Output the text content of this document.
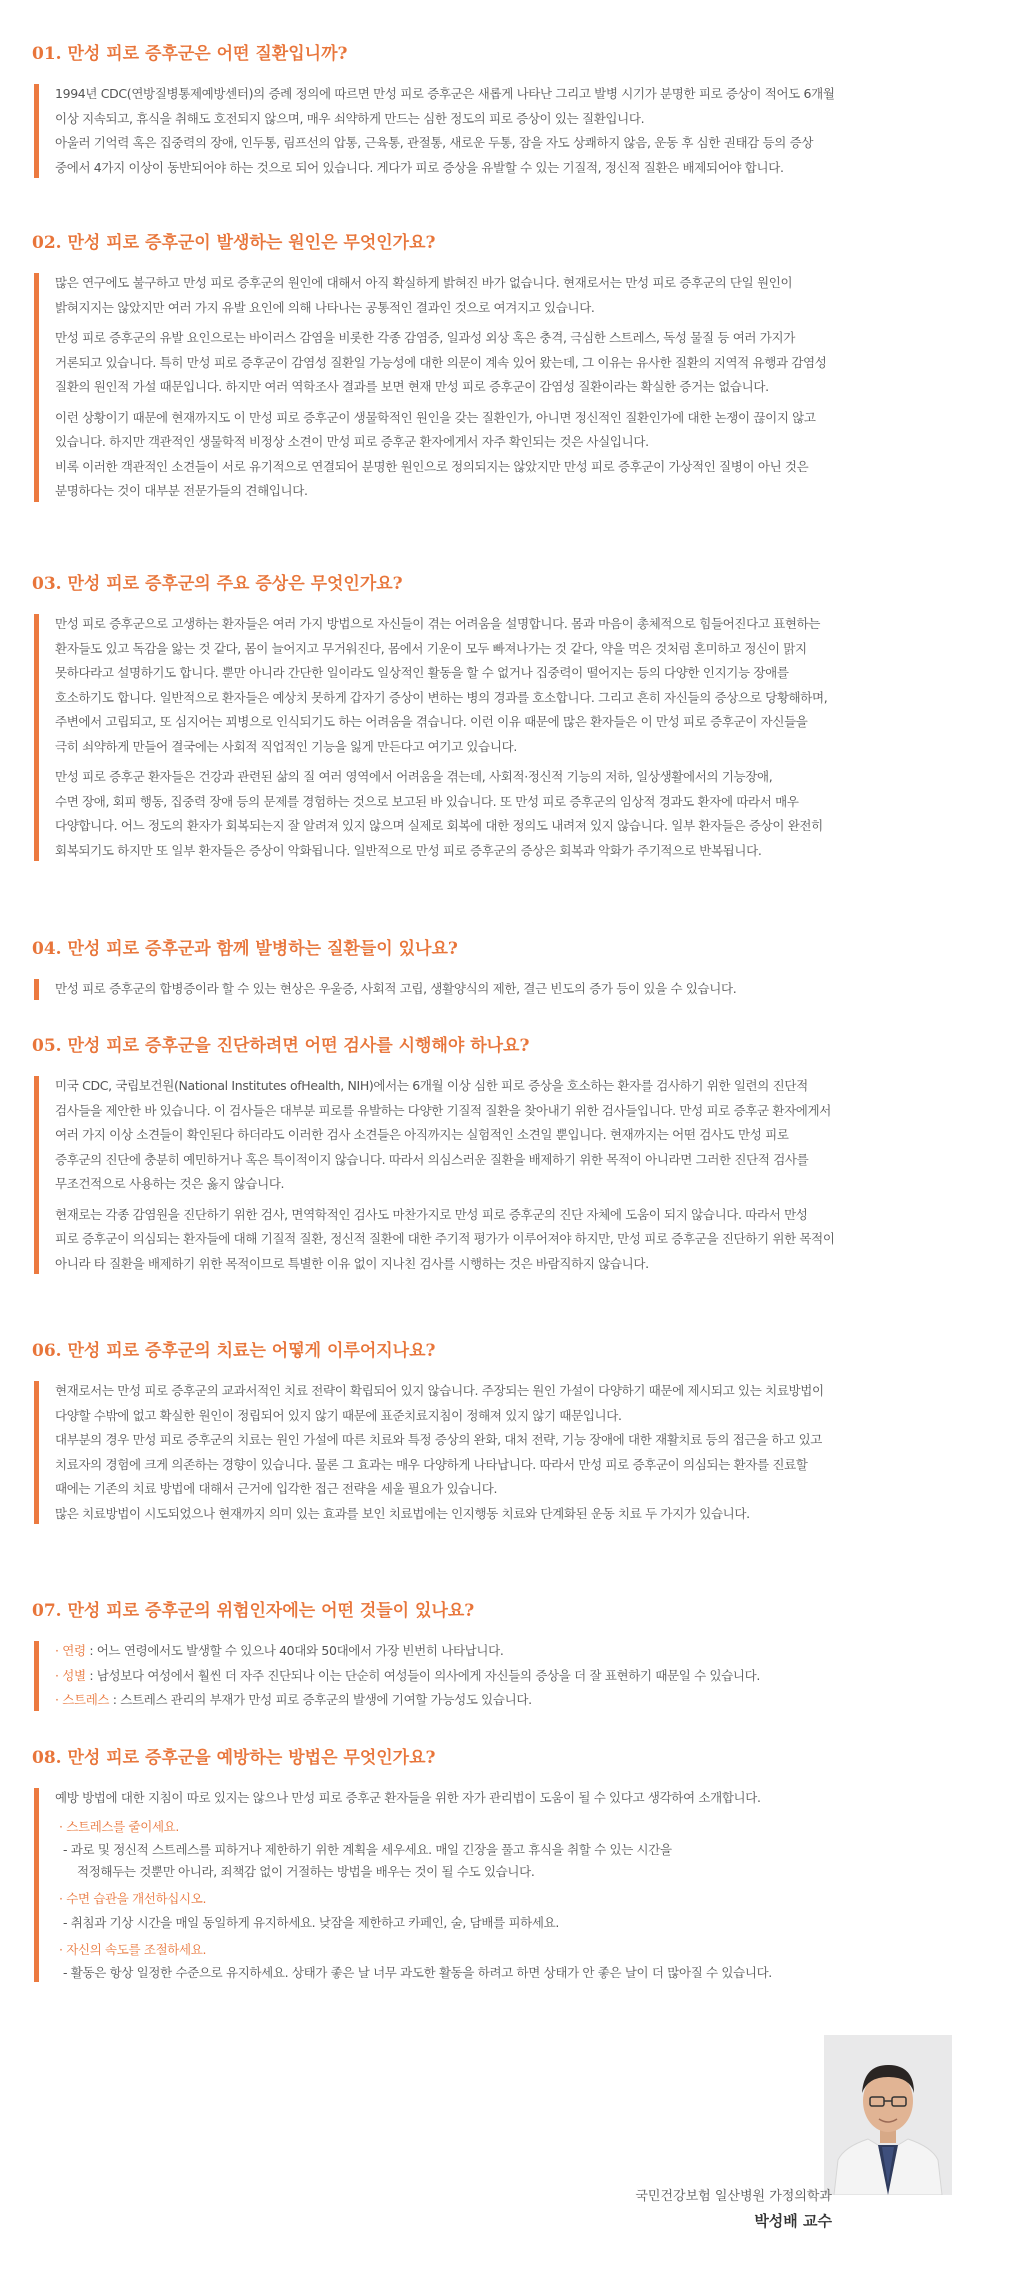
01. 만성 피로 증후군은 어떤 질환입니까?

1994년 CDC(연방질병통제예방센터)의 증례 정의에 따르면 만성 피로 증후군은 새롭게 나타난 그리고 발병 시기가 분명한 피로 증상이 적어도 6개월
이상 지속되고, 휴식을 취해도 호전되지 않으며, 매우 쇠약하게 만드는 심한 정도의 피로 증상이 있는 질환입니다.
아울러 기억력 혹은 집중력의 장애, 인두통, 림프선의 압통, 근육통, 관절통, 새로운 두통, 잠을 자도 상쾌하지 않음, 운동 후 심한 권태감 등의 증상
중에서 4가지 이상이 동반되어야 하는 것으로 되어 있습니다. 게다가 피로 증상을 유발할 수 있는 기질적, 정신적 질환은 배제되어야 합니다.

02. 만성 피로 증후군이 발생하는 원인은 무엇인가요?

많은 연구에도 불구하고 만성 피로 증후군의 원인에 대해서 아직 확실하게 밝혀진 바가 없습니다. 현재로서는 만성 피로 증후군의 단일 원인이
밝혀지지는 않았지만 여러 가지 유발 요인에 의해 나타나는 공통적인 결과인 것으로 여겨지고 있습니다.

만성 피로 증후군의 유발 요인으로는 바이러스 감염을 비롯한 각종 감염증, 일과성 외상 혹은 충격, 극심한 스트레스, 독성 물질 등 여러 가지가
거론되고 있습니다. 특히 만성 피로 증후군이 감염성 질환일 가능성에 대한 의문이 계속 있어 왔는데, 그 이유는 유사한 질환의 지역적 유행과 감염성
질환의 원인적 가설 때문입니다. 하지만 여러 역학조사 결과를 보면 현재 만성 피로 증후군이 감염성 질환이라는 확실한 증거는 없습니다.

이런 상황이기 때문에 현재까지도 이 만성 피로 증후군이 생물학적인 원인을 갖는 질환인가, 아니면 정신적인 질환인가에 대한 논쟁이 끊이지 않고
있습니다. 하지만 객관적인 생물학적 비정상 소견이 만성 피로 증후군 환자에게서 자주 확인되는 것은 사실입니다.
비록 이러한 객관적인 소견들이 서로 유기적으로 연결되어 분명한 원인으로 정의되지는 않았지만 만성 피로 증후군이 가상적인 질병이 아닌 것은
분명하다는 것이 대부분 전문가들의 견해입니다.

03. 만성 피로 증후군의 주요 증상은 무엇인가요?

만성 피로 증후군으로 고생하는 환자들은 여러 가지 방법으로 자신들이 겪는 어려움을 설명합니다. 몸과 마음이 총체적으로 힘들어진다고 표현하는
환자들도 있고 독감을 앓는 것 같다, 몸이 늘어지고 무거워진다, 몸에서 기운이 모두 빠져나가는 것 같다, 약을 먹은 것처럼 혼미하고 정신이 맑지
못하다라고 설명하기도 합니다. 뿐만 아니라 간단한 일이라도 일상적인 활동을 할 수 없거나 집중력이 떨어지는 등의 다양한 인지기능 장애를
호소하기도 합니다. 일반적으로 환자들은 예상치 못하게 갑자기 증상이 변하는 병의 경과를 호소합니다. 그리고 흔히 자신들의 증상으로 당황해하며,
주변에서 고립되고, 또 심지어는 꾀병으로 인식되기도 하는 어려움을 겪습니다. 이런 이유 때문에 많은 환자들은 이 만성 피로 증후군이 자신들을
극히 쇠약하게 만들어 결국에는 사회적 직업적인 기능을 잃게 만든다고 여기고 있습니다.

만성 피로 증후군 환자들은 건강과 관련된 삶의 질 여러 영역에서 어려움을 겪는데, 사회적·정신적 기능의 저하, 일상생활에서의 기능장애,
수면 장애, 회피 행동, 집중력 장애 등의 문제를 경험하는 것으로 보고된 바 있습니다. 또 만성 피로 증후군의 임상적 경과도 환자에 따라서 매우
다양합니다. 어느 정도의 환자가 회복되는지 잘 알려져 있지 않으며 실제로 회복에 대한 정의도 내려져 있지 않습니다. 일부 환자들은 증상이 완전히
회복되기도 하지만 또 일부 환자들은 증상이 악화됩니다. 일반적으로 만성 피로 증후군의 증상은 회복과 악화가 주기적으로 반복됩니다.

04. 만성 피로 증후군과 함께 발병하는 질환들이 있나요?

만성 피로 증후군의 합병증이라 할 수 있는 현상은 우울증, 사회적 고립, 생활양식의 제한, 결근 빈도의 증가 등이 있을 수 있습니다.

05. 만성 피로 증후군을 진단하려면 어떤 검사를 시행해야 하나요?

미국 CDC, 국립보건원(National Institutes ofHealth, NIH)에서는 6개월 이상 심한 피로 증상을 호소하는 환자를 검사하기 위한 일련의 진단적
검사들을 제안한 바 있습니다. 이 검사들은 대부분 피로를 유발하는 다양한 기질적 질환을 찾아내기 위한 검사들입니다. 만성 피로 증후군 환자에게서
여러 가지 이상 소견들이 확인된다 하더라도 이러한 검사 소견들은 아직까지는 실험적인 소견일 뿐입니다. 현재까지는 어떤 검사도 만성 피로
증후군의 진단에 충분히 예민하거나 혹은 특이적이지 않습니다. 따라서 의심스러운 질환을 배제하기 위한 목적이 아니라면 그러한 진단적 검사를
무조건적으로 사용하는 것은 옳지 않습니다.

현재로는 각종 감염원을 진단하기 위한 검사, 면역학적인 검사도 마찬가지로 만성 피로 증후군의 진단 자체에 도움이 되지 않습니다. 따라서 만성
피로 증후군이 의심되는 환자들에 대해 기질적 질환, 정신적 질환에 대한 주기적 평가가 이루어져야 하지만, 만성 피로 증후군을 진단하기 위한 목적이
아니라 타 질환을 배제하기 위한 목적이므로 특별한 이유 없이 지나친 검사를 시행하는 것은 바람직하지 않습니다.

06. 만성 피로 증후군의 치료는 어떻게 이루어지나요?

현재로서는 만성 피로 증후군의 교과서적인 치료 전략이 확립되어 있지 않습니다. 주장되는 원인 가설이 다양하기 때문에 제시되고 있는 치료방법이
다양할 수밖에 없고 확실한 원인이 정립되어 있지 않기 때문에 표준치료지침이 정해져 있지 않기 때문입니다.
대부분의 경우 만성 피로 증후군의 치료는 원인 가설에 따른 치료와 특정 증상의 완화, 대처 전략, 기능 장애에 대한 재활치료 등의 접근을 하고 있고
치료자의 경험에 크게 의존하는 경향이 있습니다. 물론 그 효과는 매우 다양하게 나타납니다. 따라서 만성 피로 증후군이 의심되는 환자를 진료할
때에는 기존의 치료 방법에 대해서 근거에 입각한 접근 전략을 세울 필요가 있습니다.
많은 치료방법이 시도되었으나 현재까지 의미 있는 효과를 보인 치료법에는 인지행동 치료와 단계화된 운동 치료 두 가지가 있습니다.

07. 만성 피로 증후군의 위험인자에는 어떤 것들이 있나요?
· 연령 : 어느 연령에서도 발생할 수 있으나 40대와 50대에서 가장 빈번히 나타납니다.
· 성별 : 남성보다 여성에서 훨씬 더 자주 진단되나 이는 단순히 여성들이 의사에게 자신들의 증상을 더 잘 표현하기 때문일 수 있습니다.
· 스트레스 : 스트레스 관리의 부재가 만성 피로 증후군의 발생에 기여할 가능성도 있습니다.
08. 만성 피로 증후군을 예방하는 방법은 무엇인가요?

예방 방법에 대한 지침이 따로 있지는 않으나 만성 피로 증후군 환자들을 위한 자가 관리법이 도움이 될 수 있다고 생각하여 소개합니다.

· 스트레스를 줄이세요.
- 과로 및 정신적 스트레스를 피하거나 제한하기 위한 계획을 세우세요. 매일 긴장을 풀고 휴식을 취할 수 있는 시간을
적정해두는 것뿐만 아니라, 죄책감 없이 거절하는 방법을 배우는 것이 될 수도 있습니다.
· 수면 습관을 개선하십시오.
- 취침과 기상 시간을 매일 동일하게 유지하세요. 낮잠을 제한하고 카페인, 술, 담배를 피하세요.
· 자신의 속도를 조절하세요.
- 활동은 항상 일정한 수준으로 유지하세요. 상태가 좋은 날 너무 과도한 활동을 하려고 하면 상태가 안 좋은 날이 더 많아질 수 있습니다.
국민건강보험 일산병원 가정의학과
박성배 교수
